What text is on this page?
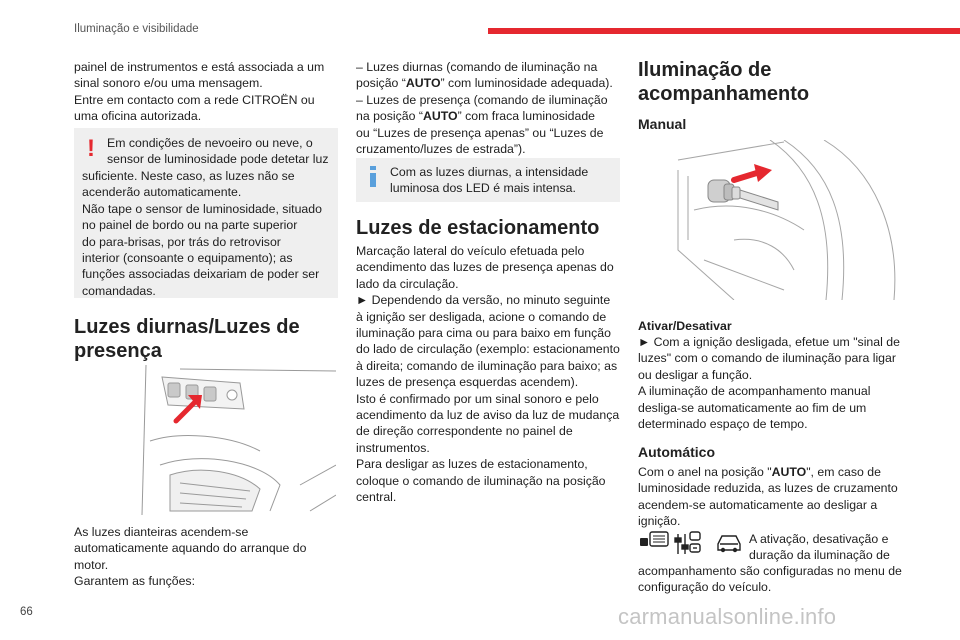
Iluminação e visibilidade
painel de instrumentos e está associada a um
sinal sonoro e/ou uma mensagem.
Entre em contacto com a rede CITROËN ou
uma oficina autorizada.
! Em condições de nevoeiro ou neve, o
sensor de luminosidade pode detetar luz
suficiente. Neste caso, as luzes não se
acenderão automaticamente.
Não tape o sensor de luminosidade, situado
no painel de bordo ou na parte superior
do para-brisas, por trás do retrovisor
interior (consoante o equipamento); as
funções associadas deixariam de poder ser
comandadas.
Luzes diurnas/Luzes de
presença
As luzes dianteiras acendem-se
automaticamente aquando do arranque do
motor.
Garantem as funções:
– Luzes diurnas (comando de iluminação na
posição “AUTO” com luminosidade adequada).
– Luzes de presença (comando de iluminação
na posição “AUTO” com fraca luminosidade
ou “Luzes de presença apenas” ou “Luzes de
cruzamento/luzes de estrada”).
Com as luzes diurnas, a intensidade
luminosa dos LED é mais intensa.
Luzes de estacionamento
Marcação lateral do veículo efetuada pelo
acendimento das luzes de presença apenas do
lado da circulação.
► Dependendo da versão, no minuto seguinte
à ignição ser desligada, acione o comando de
iluminação para cima ou para baixo em função
do lado de circulação (exemplo: estacionamento
à direita; comando de iluminação para baixo; as
luzes de presença esquerdas acendem).
Isto é confirmado por um sinal sonoro e pelo
acendimento da luz de aviso da luz de mudança
de direção correspondente no painel de
instrumentos.
Para desligar as luzes de estacionamento,
coloque o comando de iluminação na posição
central.
Iluminação de
acompanhamento
Manual
Ativar/Desativar
► Com a ignição desligada, efetue um "sinal de
luzes" com o comando de iluminação para ligar
ou desligar a função.
A iluminação de acompanhamento manual
desliga-se automaticamente ao fim de um
determinado espaço de tempo.
Automático
Com o anel na posição "AUTO", em caso de
luminosidade reduzida, as luzes de cruzamento
acendem-se automaticamente ao desligar a
ignição.
A ativação, desativação e
duração da iluminação de
acompanhamento são configuradas no menu de
configuração do veículo.
66	carmanualsonline.info
